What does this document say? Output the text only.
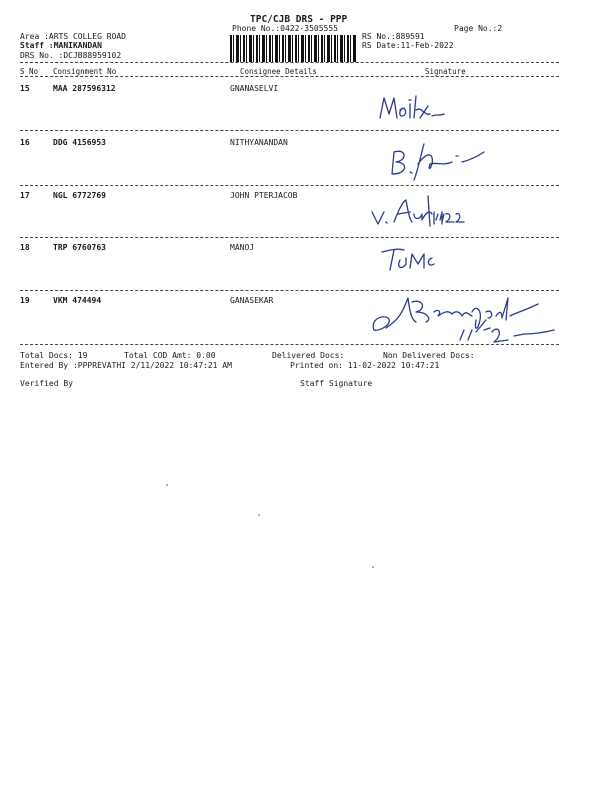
TPC/CJB DRS - PPP
Phone No.:0422-3505555	Page No.:2
Area :ARTS COLLEG ROAD
Staff :MANIKANDAN
DRS No. :DCJB88959102
RS No.:889591
RS Date:11-Feb-2022
S No Consignment No	Consignee Details	Signature
15	MAA 287596312	GNANASELVI
16	DDG 4156953	NITHYANANDAN
17	NGL 6772769	JOHN PTERJACOB
18	TRP 6760763	MANOJ
19	VKM 474494	GANASEKAR
Total Docs: 19	Total COD Amt: 0.00	Delivered Docs:	Non Delivered Docs:
Entered By :PPPREVATHI 2/11/2022 10:47:21 AM	Printed on: 11-02-2022 10:47:21
Verified By	Staff Signature
